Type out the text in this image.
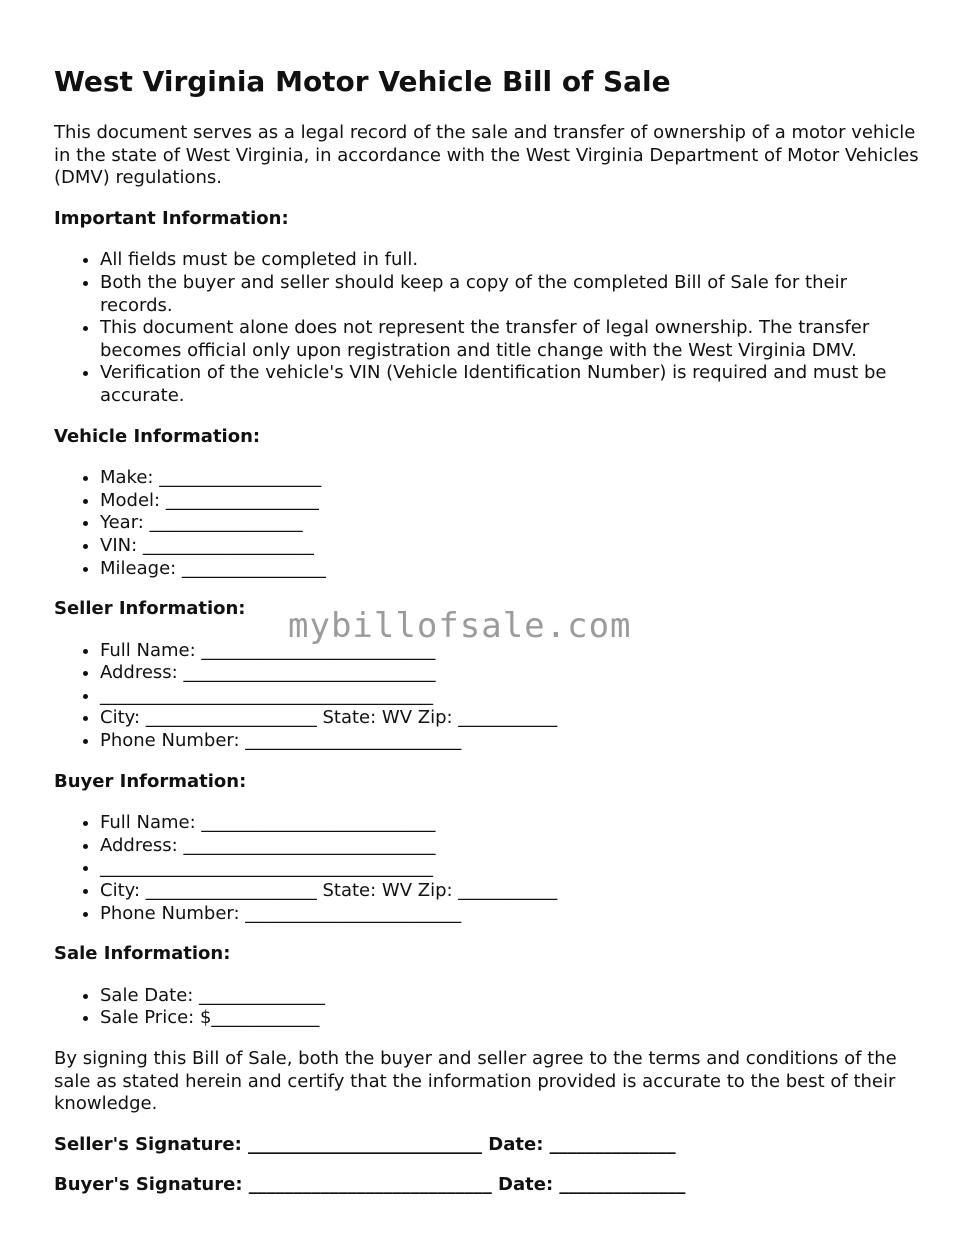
West Virginia Motor Vehicle Bill of Sale

This document serves as a legal record of the sale and transfer of ownership of a motor vehicle in the state of West Virginia, in accordance with the West Virginia Department of Motor Vehicles (DMV) regulations.

Important Information:
• All fields must be completed in full.
• Both the buyer and seller should keep a copy of the completed Bill of Sale for their records.
• This document alone does not represent the transfer of legal ownership. The transfer becomes official only upon registration and title change with the West Virginia DMV.
• Verification of the vehicle's VIN (Vehicle Identification Number) is required and must be accurate.
Vehicle Information:
• Make: __________________
• Model: _________________
• Year: _________________
• VIN: ___________________
• Mileage: ________________
Seller Information:
• Full Name: __________________________
• Address: ____________________________
• _____________________________________
• City: ___________________ State: WV Zip: ___________
• Phone Number: ________________________
Buyer Information:
• Full Name: __________________________
• Address: ____________________________
• _____________________________________
• City: ___________________ State: WV Zip: ___________
• Phone Number: ________________________
Sale Information:
• Sale Date: ______________
• Sale Price: $____________

By signing this Bill of Sale, both the buyer and seller agree to the terms and conditions of the sale as stated herein and certify that the information provided is accurate to the best of their knowledge.

Seller's Signature: __________________________ Date: ______________
Buyer's Signature: ___________________________ Date: ______________
mybillofsale.com
